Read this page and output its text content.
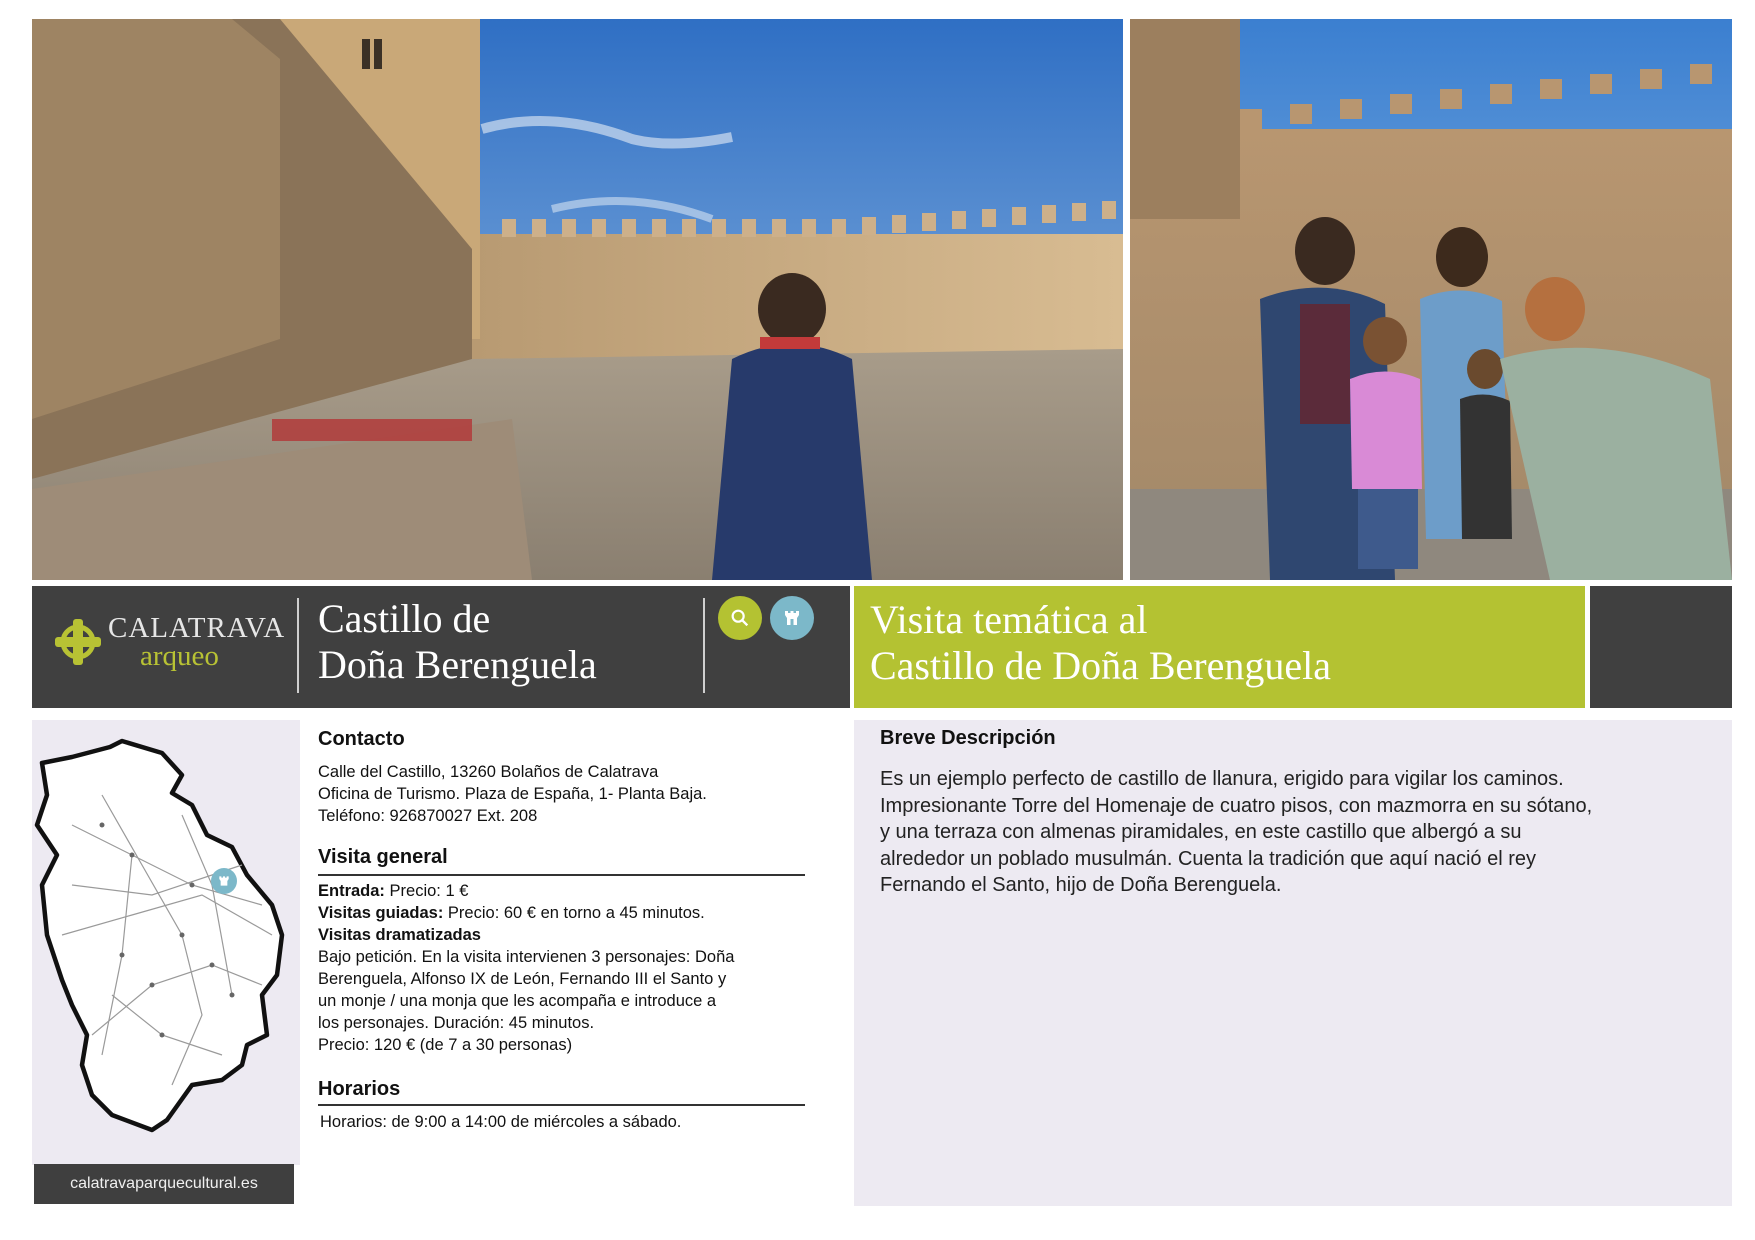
CALATRAVA
arqueo
Castillo de
Doña Berenguela
Visita temática al
Castillo de Doña Berenguela
calatravaparquecultural.es
Contacto
Calle del Castillo, 13260 Bolaños de Calatrava
Oficina de Turismo. Plaza de España, 1- Planta Baja.
Teléfono: 926870027 Ext. 208
Visita general
Entrada: Precio: 1 €
Visitas guiadas: Precio: 60 € en torno a 45 minutos.
Visitas dramatizadas
Bajo petición. En la visita intervienen 3 personajes: Doña
Berenguela, Alfonso IX de León, Fernando III el Santo y
un monje / una monja que les acompaña e introduce a
los personajes. Duración: 45 minutos.
Precio: 120 € (de 7 a 30 personas)
Horarios
Horarios: de 9:00 a 14:00 de miércoles a sábado.
Breve Descripción
Es un ejemplo perfecto de castillo de llanura, erigido para vigilar los caminos.
Impresionante Torre del Homenaje de cuatro pisos, con mazmorra en su sótano,
y una terraza con almenas piramidales, en este castillo que albergó a su
alrededor un poblado musulmán. Cuenta la tradición que aquí nació el rey
Fernando el Santo, hijo de Doña Berenguela.
